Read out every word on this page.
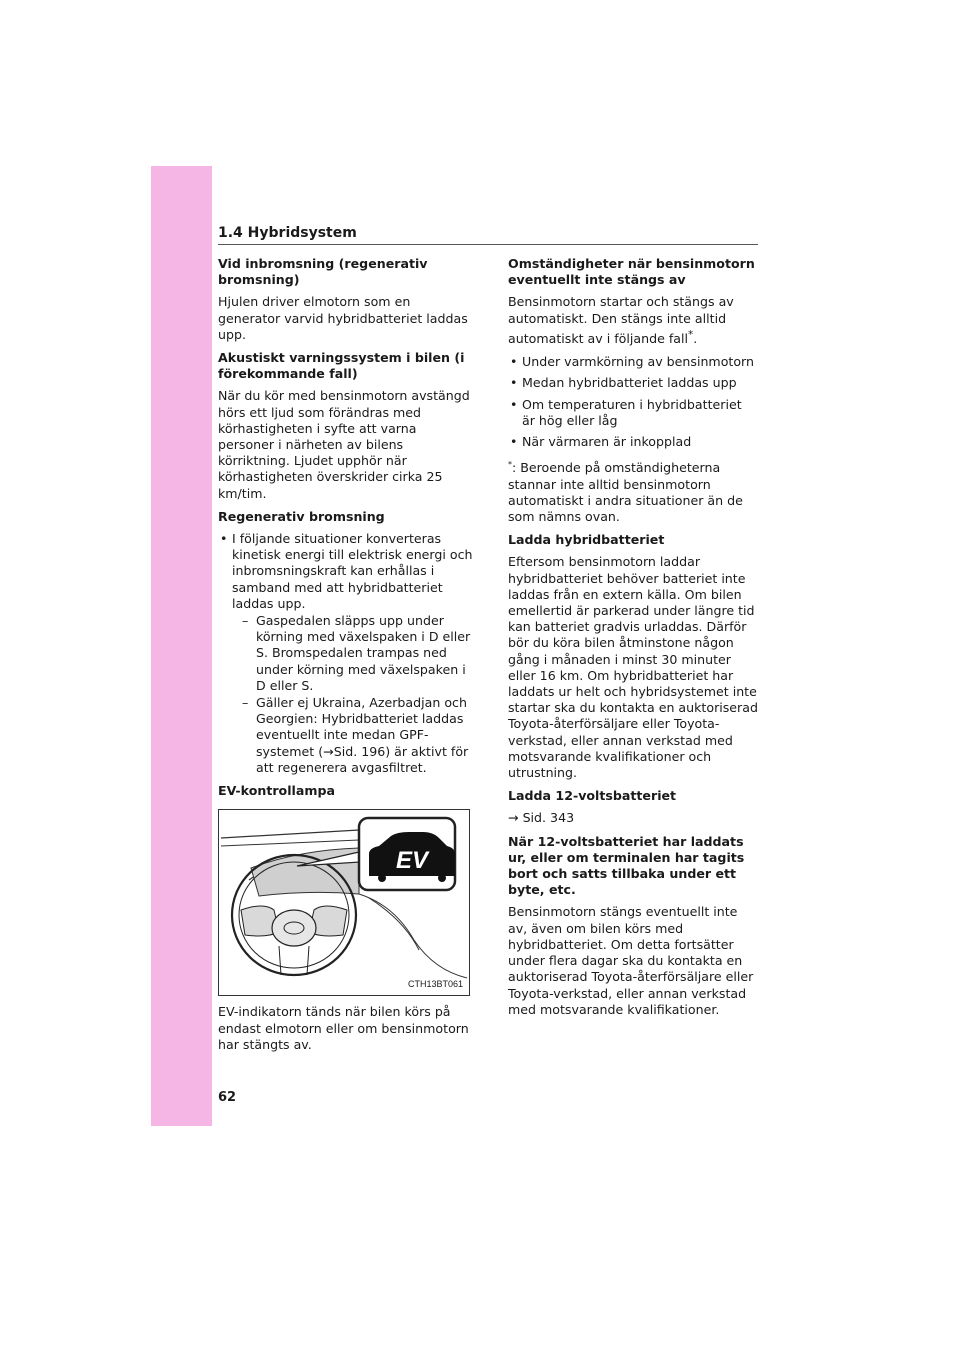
1.4 Hybridsystem
Vid inbromsning (regenerativ bromsning)

Hjulen driver elmotorn som en generator varvid hybridbatteriet laddas upp.

Akustiskt varningssystem i bilen (i förekommande fall)

När du kör med bensinmotorn avstängd hörs ett ljud som förändras med körhastigheten i syfte att varna personer i närheten av bilens körriktning. Ljudet upphör när körhastigheten överskrider cirka 25 km/tim.

Regenerativ bromsning
• I följande situationer konverteras kinetisk energi till elektrisk energi och inbromsningskraft kan erhållas i samband med att hybridbatteriet laddas upp.
– Gaspedalen släpps upp under körning med växelspaken i D eller S. Bromspedalen trampas ned under körning med växelspaken i D eller S.
– Gäller ej Ukraina, Azerbadjan och Georgien: Hybridbatteriet laddas eventuellt inte medan GPF-systemet (→Sid. 196) är aktivt för att regenerera avgasfiltret.
EV-kontrollampa
EV
CTH13BT061

EV-indikatorn tänds när bilen körs på endast elmotorn eller om bensinmotorn har stängts av.

Omständigheter när bensinmotorn eventuellt inte stängs av

Bensinmotorn startar och stängs av automatiskt. Den stängs inte alltid automatiskt av i följande fall*.

• Under varmkörning av bensinmotorn
• Medan hybridbatteriet laddas upp
• Om temperaturen i hybridbatteriet är hög eller låg
• När värmaren är inkopplad

*: Beroende på omständigheterna stannar inte alltid bensinmotorn automatiskt i andra situationer än de som nämns ovan.

Ladda hybridbatteriet

Eftersom bensinmotorn laddar hybridbatteriet behöver batteriet inte laddas från en extern källa. Om bilen emellertid är parkerad under längre tid kan batteriet gradvis urladdas. Därför bör du köra bilen åtminstone någon gång i månaden i minst 30 minuter eller 16 km. Om hybridbatteriet har laddats ur helt och hybridsystemet inte startar ska du kontakta en auktoriserad Toyota-återförsäljare eller Toyota-verkstad, eller annan verkstad med motsvarande kvalifikationer och utrustning.

Ladda 12-voltsbatteriet

→ Sid. 343

När 12-voltsbatteriet har laddats ur, eller om terminalen har tagits bort och satts tillbaka under ett byte, etc.

Bensinmotorn stängs eventuellt inte av, även om bilen körs med hybridbatteriet. Om detta fortsätter under flera dagar ska du kontakta en auktoriserad Toyota-återförsäljare eller Toyota-verkstad, eller annan verkstad med motsvarande kvalifikationer.

62
